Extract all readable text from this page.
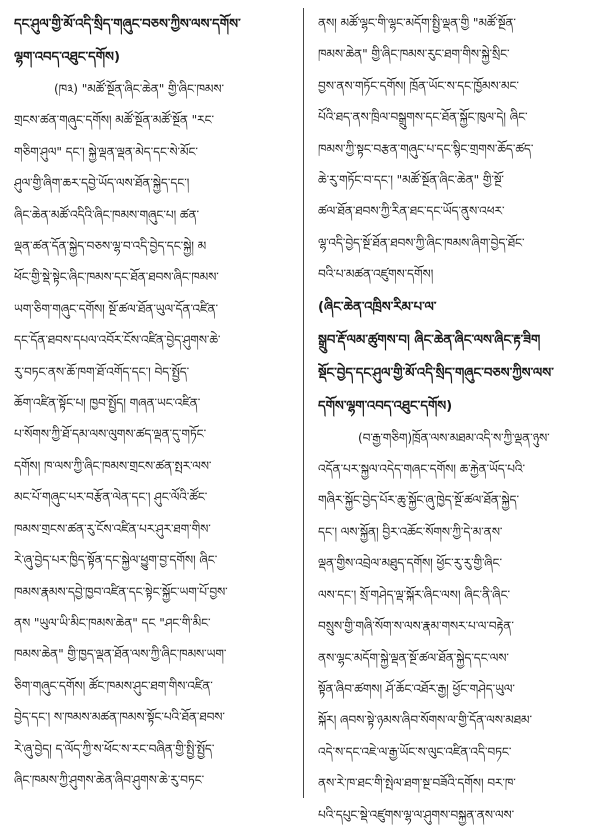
དང་ཤུལ་གྱི་མོ་འདི་སྲིད་གཞུང་བཅས་ཀྱིས་ལས་དགོས་
ལྷག་འབད་འཐུང་དགོས)
(ཁ༣) "མཚོ་སྔོན་ཞིང་ཆེན" གྱི་ཞིང་ཁམས་
གྲངས་ཚན་གཞུང་དགོས། མཚོ་སྔོན་མཚོ་སྔོན "རང་
གཅིག་ཤུལ" དང་། སྐྱེ་ལྡན་ལྡན་མེད་དང་སེ་མོང་
ཤུལ་གྱི་ཞིག་ཆར་དབྱེ་ཡོད་ལས་ཐོན་སྐྱེད་དང་།
ཞིང་ཆེན་མཚོ་འདིའི་ཞིང་ཁམས་གཞུང་པ། ཚན་
ལྡན་ཚན་དོན་སྐྱེད་བཅས་ལྷ་བ་འདི་བྱེད་དང་སྐྱེ། མ
ཕོང་གྱི་སྡེ་སྟེང་ཞིང་ཁམས་དང་ཐོན་ཐབས་ཞིང་ཁམས་
ཡག་ཅིག་གཞུང་དགོས། སྔོ་ཚལ་ཐོན་ཡུལ་དོན་འཛིན་
དང་དོན་ཐབས་དཔལ་འབོར་ངོས་འཛིན་བྱེད་ཤུགས་ཆེ་
རུ་བཏང་ནས་ཆོ་ཁག་ཐོ་འགོད་དང་། བེད་སྤྱོད་
ཆོག་འཛིན་སྟོང་པ། ཁྱབ་སྤྱོད། གཞན་ཡང་འཛིན་
པ་སོགས་ཀྱི་ཐོ་དམ་ལས་ལུགས་ཚད་ལྡན་དུ་གཏོང་
དགོས། ཁ་ལས་ཀྱི་ཞིང་ཁམས་གྲངས་ཚན་སྤར་ལས་
མང་པོ་གཞུང་པར་བརྩོན་ལེན་དང་། ཤུང་ལོའི་ཚོང་
ཁམས་གྲངས་ཚན་རུ་ངོས་འཛིན་པར་ཤུར་ཐག་གིས་
རེ་ཞུ་བྱེད་པར་ཁྱིད་སྟོན་དང་སྐྱེལ་ཕྱུག་བྱ་དགོས། ཞིང་
ཁམས་རྣམས་དབྱེ་ཁྱབ་འཛིན་དང་སྟེང་སྐྱོང་ཡག་པོ་བྱས་
ནས "ཡུལ་ཡི་མིང་ཁམས་ཆེན" དང "ཤང་གི་མིང་
ཁམས་ཆེན" གྱི་ཁྱད་ལྡན་ཐོན་ལས་ཀྱི་ཞིང་ཁམས་ཡག་
ཅིག་གཞུང་དགོས། ཚོང་ཁམས་ཤུང་ཐག་གིས་འཛིན་
བྱེད་དང་། ས་ཁམས་མཚན་ཁམས་སྟོང་པའི་ཐོན་ཐབས་
རེ་ཞུ་བྱེད། ད་ལོད་ཀྱི་ས་ཕོང་ས་རང་བཞིན་གྱི་སྤྱི་སྤྱོད་
ཞིང་ཁམས་ཀྱི་ཤུགས་ཆེན་ཞིབ་ཤུགས་ཆེ་རུ་བཏང་
ནས། མཚོ་ལྷང་གི་ལྷང་མདོག་སྤྱི་ལྡན་གྱི "མཚོ་སྔོན་
ཁམས་ཆེན" གྱི་ཞིང་ཁམས་རུང་ཐག་གིས་སྐྱེ་སྲིང་
བྱས་ནས་གཏོང་དགོས། ཁྲོན་ཡོང་ས་དང་ཁྱོམས་མང་
པོའི་ཐད་ནས་ཁྲིལ་བསྒྲུགས་དང་ཐོན་སྐྱོང་ཁུལ་དེ། ཞིང་
ཁམས་ཀྱི་སྟང་བརྩན་གཞུང་པ་དང་སྙིང་གྲགས་ཆོད་ཚད་
ཆེ་རུ་གཏོང་བ་དང་། "མཚོ་སྔོན་ཞིང་ཆེན" གྱི་སྔོ་
ཚལ་ཐོན་ཐབས་ཀྱི་རིན་ཐང་དང་ཡོད་ནུས་འཕར་
ལྷ་འདི་བྱེད་སྔོ་ཐོན་ཐབས་ཀྱི་ཞིང་ཁམས་ཞིག་བྱེད་ཐོང་
བའི་པ་མཚན་འཛུགས་དགོས།
(ཞིང་ཆེན་འཁྲིས་རིམ་པ་ལ་
སྒྲུབ་རྡོ་ལམ་ཚུགས་བ། ཞིང་ཆེན་ཞིང་ལས་ཞིང་རྟ་ཟིག
སྡོང་བྱེད་དང་ཤུལ་གྱི་མོ་འདི་སྲིད་གཞུང་བཅས་ཀྱིས་ལས་
དགོས་ལྷག་འབད་འཐུང་དགོས)
(བ་རྒྱ་གཅིག)ཁྲོན་ལས་མཐམ་འདི་ས་ཀྱི་ལྡན་ཉུས་
འདོན་པར་སྐྱལ་འདེད་གཞང་དགོས། ཆ་རྐྱེན་ཡོད་པའི་
གཞིར་སྐྱོང་བྱེད་པོར་ཆུ་སྐྱོང་ཞུ་ཁྱེད་སྔོ་ཚལ་ཐོན་སྐྱེད་
དང་། ལས་སྐྱོན། བྱིར་འཆོང་སོགས་ཀྱི་དེ་མ་ནས་
ལྡན་གྱིས་འབྲེལ་མཐུད་དགོས། ཕྱོང་རུ་རུ་གྱི་ཞིང་
ལས་དང་། སྲོ་གཤེད་ལྡ་སྐོར་ཞིང་ལས། ཞིང་ནི་ཞིང་
བསྲུས་གྱི་གཞི་སོག་ས་ལས་རྣམ་གསར་པ་ལ་བརྟེན་
ནས་ལྷང་མདོག་སྐྱེ་ལྡན་སྔོ་ཚལ་ཐོན་སྐྱེད་དང་ལས་
སྟོན་ཞིབ་ཚགས། ཤོ་ཆོང་འཐོར་རྒྱ། ཕྱོང་གཤེད་ཡུལ་
སྐོར། ཞབས་སྟེ་ཉམས་ཞིབ་སོགས་ལ་གྱི་དོན་ལས་མཐམ་
འདེ་ས་དང་འཇེ་ལ་རྒྱ་ཡོང་ས་ལུང་འཛིན་འདི་བཏང་
ནས་རེ་ཁ་ཐང་གི་སྤེལ་ཐག་སྔ་བཟོའི་དགོས། བར་ཁ་
པའི་དཔུང་སྡེ་འཛུགས་ལྷ་ལ་ཤུགས་བསྐྱན་ནས་ལས་
